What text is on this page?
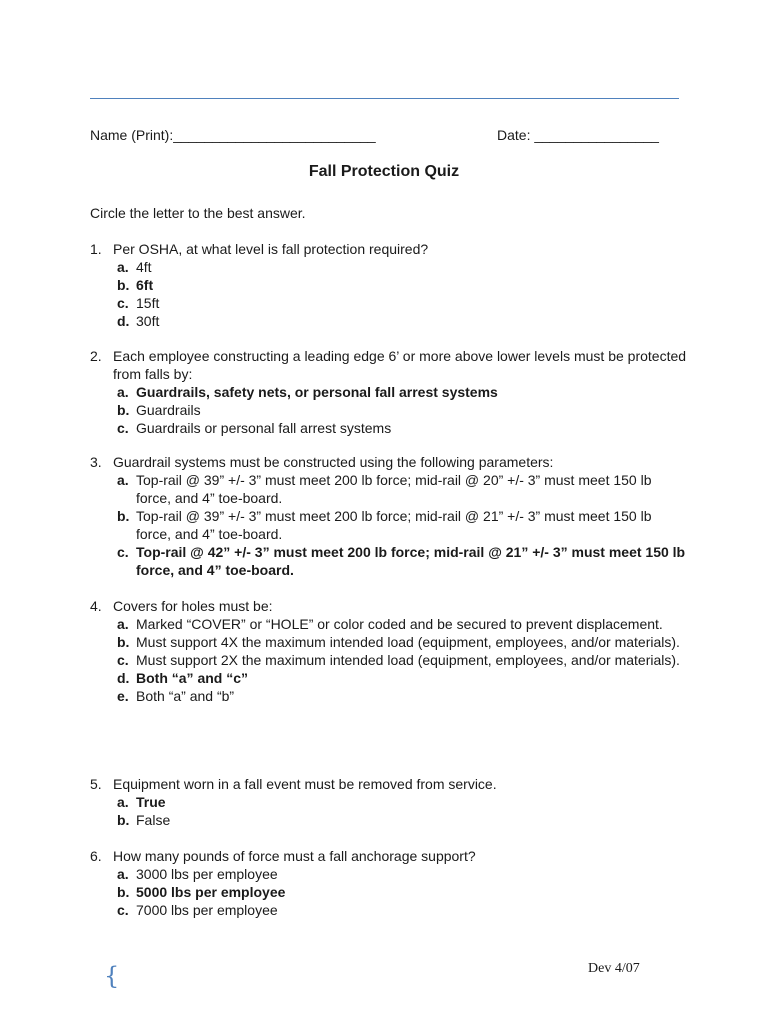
Name (Print):__________________________	Date: ________________
Fall Protection Quiz
Circle the letter to the best answer.
1. Per OSHA, at what level is fall protection required?
a. 4ft
b. 6ft
c. 15ft
d. 30ft
2. Each employee constructing a leading edge 6’ or more above lower levels must be protected from falls by:
a. Guardrails, safety nets, or personal fall arrest systems
b. Guardrails
c. Guardrails or personal fall arrest systems
3. Guardrail systems must be constructed using the following parameters:
a. Top-rail @ 39” +/- 3” must meet 200 lb force; mid-rail @ 20” +/- 3” must meet 150 lb force, and 4” toe-board.
b. Top-rail @ 39” +/- 3” must meet 200 lb force; mid-rail @ 21” +/- 3” must meet 150 lb force, and 4” toe-board.
c. Top-rail @ 42” +/- 3” must meet 200 lb force; mid-rail @ 21” +/- 3” must meet 150 lb force, and 4” toe-board.
4. Covers for holes must be:
a. Marked “COVER” or “HOLE” or color coded and be secured to prevent displacement.
b. Must support 4X the maximum intended load (equipment, employees, and/or materials).
c. Must support 2X the maximum intended load (equipment, employees, and/or materials).
d. Both “a” and “c”
e. Both “a” and “b”
5. Equipment worn in a fall event must be removed from service.
a. True
b. False
6. How many pounds of force must a fall anchorage support?
a. 3000 lbs per employee
b. 5000 lbs per employee
c. 7000 lbs per employee
{	Dev 4/07
